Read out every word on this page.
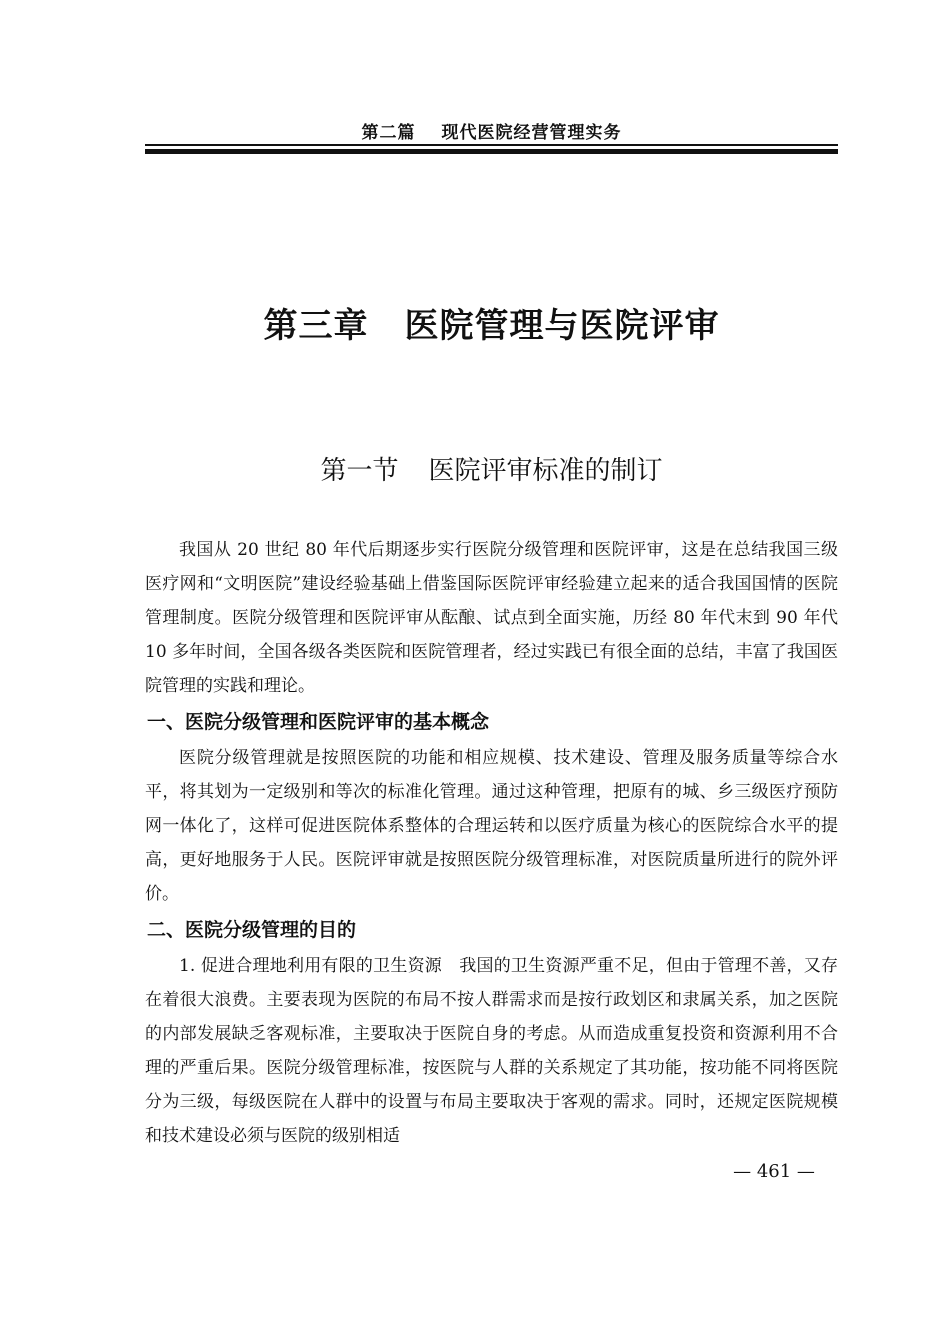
第二篇 现代医院经营管理实务
第三章 医院管理与医院评审
第一节 医院评审标准的制订

我国从 20 世纪 80 年代后期逐步实行医院分级管理和医院评审，这是在总结我国三级医疗网和“文明医院”建设经验基础上借鉴国际医院评审经验建立起来的适合我国国情的医院管理制度。医院分级管理和医院评审从酝酿、试点到全面实施，历经 80 年代末到 90 年代 10 多年时间，全国各级各类医院和医院管理者，经过实践已有很全面的总结，丰富了我国医院管理的实践和理论。

一、医院分级管理和医院评审的基本概念

医院分级管理就是按照医院的功能和相应规模、技术建设、管理及服务质量等综合水平，将其划为一定级别和等次的标准化管理。通过这种管理，把原有的城、乡三级医疗预防网一体化了，这样可促进医院体系整体的合理运转和以医疗质量为核心的医院综合水平的提高，更好地服务于人民。医院评审就是按照医院分级管理标准，对医院质量所进行的院外评价。

二、医院分级管理的目的

1. 促进合理地利用有限的卫生资源　我国的卫生资源严重不足，但由于管理不善，又存在着很大浪费。主要表现为医院的布局不按人群需求而是按行政划区和隶属关系，加之医院的内部发展缺乏客观标准，主要取决于医院自身的考虑。从而造成重复投资和资源利用不合理的严重后果。医院分级管理标准，按医院与人群的关系规定了其功能，按功能不同将医院分为三级，每级医院在人群中的设置与布局主要取决于客观的需求。同时，还规定医院规模和技术建设必须与医院的级别相适

— 461 —
